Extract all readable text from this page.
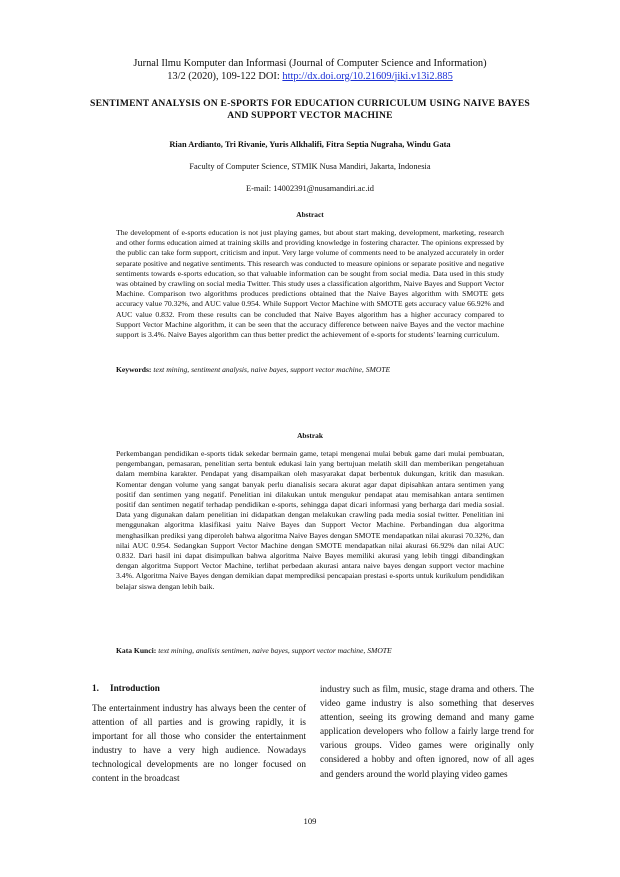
Jurnal Ilmu Komputer dan Informasi (Journal of Computer Science and Information)
13/2 (2020), 109-122 DOI: http://dx.doi.org/10.21609/jiki.v13i2.885
SENTIMENT ANALYSIS ON E-SPORTS FOR EDUCATION CURRICULUM USING NAIVE BAYES AND SUPPORT VECTOR MACHINE
Rian Ardianto, Tri Rivanie, Yuris Alkhalifi, Fitra Septia Nugraha, Windu Gata
Faculty of Computer Science, STMIK Nusa Mandiri, Jakarta, Indonesia
E-mail: 14002391@nusamandiri.ac.id
Abstract
The development of e-sports education is not just playing games, but about start making, development, marketing, research and other forms education aimed at training skills and providing knowledge in fostering character. The opinions expressed by the public can take form support, criticism and input. Very large volume of comments need to be analyzed accurately in order separate positive and negative sentiments. This research was conducted to measure opinions or separate positive and negative sentiments towards e-sports education, so that valuable information can be sought from social media. Data used in this study was obtained by crawling on social media Twitter. This study uses a classification algorithm, Naive Bayes and Support Vector Machine. Comparison two algorithms produces predictions obtained that the Naive Bayes algorithm with SMOTE gets accuracy value 70.32%, and AUC value 0.954. While Support Vector Machine with SMOTE gets accuracy value 66.92% and AUC value 0.832. From these results can be concluded that Naive Bayes algorithm has a higher accuracy compared to Support Vector Machine algorithm, it can be seen that the accuracy difference between naive Bayes and the vector machine support is 3.4%. Naive Bayes algorithm can thus better predict the achievement of e-sports for students' learning curriculum.
Keywords: text mining, sentiment analysis, naive bayes, support vector machine, SMOTE
Abstrak
Perkembangan pendidikan e-sports tidak sekedar bermain game, tetapi mengenai mulai bebuk game dari mulai pembuatan, pengembangan, pemasaran, penelitian serta bentuk edukasi lain yang bertujuan melatih skill dan memberikan pengetahuan dalam membina karakter. Pendapat yang disampaikan oleh masyarakat dapat berbentuk dukungan, kritik dan masukan. Komentar dengan volume yang sangat banyak perlu dianalisis secara akurat agar dapat dipisahkan antara sentimen yang positif dan sentimen yang negatif. Penelitian ini dilakukan untuk mengukur pendapat atau memisahkan antara sentimen positif dan sentimen negatif terhadap pendidikan e-sports, sehingga dapat dicari informasi yang berharga dari media sosial. Data yang digunakan dalam penelitian ini didapatkan dengan melakukan crawling pada media sosial twitter. Penelitian ini menggunakan algoritma klasifikasi yaitu Naive Bayes dan Support Vector Machine. Perbandingan dua algoritma menghasilkan prediksi yang diperoleh bahwa algoritma Naive Bayes dengan SMOTE mendapatkan nilai akurasi 70.32%, dan nilai AUC 0.954. Sedangkan Support Vector Machine dengan SMOTE mendapatkan nilai akurasi 66.92% dan nilai AUC 0.832. Dari hasil ini dapat disimpulkan bahwa algoritma Naive Bayes memiliki akurasi yang lebih tinggi dibandingkan dengan algoritma Support Vector Machine, terlihat perbedaan akurasi antara naive bayes dengan support vector machine 3.4%. Algoritma Naive Bayes dengan demikian dapat memprediksi pencapaian prestasi e-sports untuk kurikulum pendidikan belajar siswa dengan lebih baik.
Kata Kunci: text mining, analisis sentimen, naive bayes, support vector machine, SMOTE
1. Introduction
The entertainment industry has always been the center of attention of all parties and is growing rapidly, it is important for all those who consider the entertainment industry to have a very high audience. Nowadays technological developments are no longer focused on content in the broadcast
industry such as film, music, stage drama and others. The video game industry is also something that deserves attention, seeing its growing demand and many game application developers who follow a fairly large trend for various groups. Video games were originally only considered a hobby and often ignored, now of all ages and genders around the world playing video games
109
